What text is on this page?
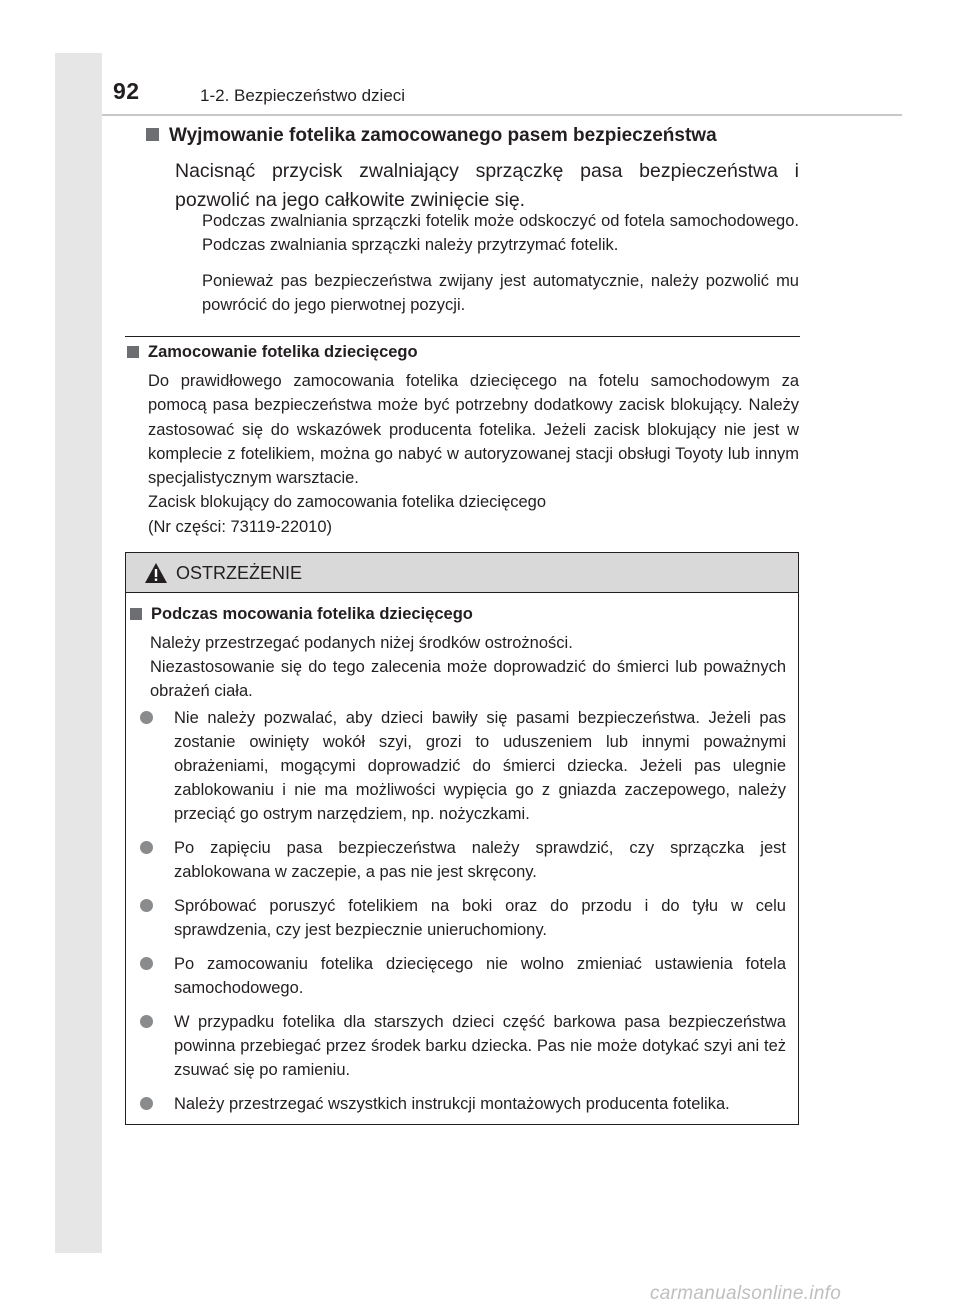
92	1-2. Bezpieczeństwo dzieci
Wyjmowanie fotelika zamocowanego pasem bezpieczeństwa
Nacisnąć przycisk zwalniający sprzączkę pasa bezpieczeństwa i pozwolić na jego całkowite zwinięcie się.
Podczas zwalniania sprzączki fotelik może odskoczyć od fotela samochodowego. Podczas zwalniania sprzączki należy przytrzymać fotelik.
Ponieważ pas bezpieczeństwa zwijany jest automatycznie, należy pozwolić mu powrócić do jego pierwotnej pozycji.
Zamocowanie fotelika dziecięcego
Do prawidłowego zamocowania fotelika dziecięcego na fotelu samochodowym za pomocą pasa bezpieczeństwa może być potrzebny dodatkowy zacisk blokujący. Należy zastosować się do wskazówek producenta fotelika. Jeżeli zacisk blokujący nie jest w komplecie z fotelikiem, można go nabyć w autoryzowanej stacji obsługi Toyoty lub innym specjalistycznym warsztacie.
Zacisk blokujący do zamocowania fotelika dziecięcego
(Nr części: 73119-22010)
OSTRZEŻENIE
Podczas mocowania fotelika dziecięcego
Należy przestrzegać podanych niżej środków ostrożności.
Niezastosowanie się do tego zalecenia może doprowadzić do śmierci lub poważnych obrażeń ciała.
Nie należy pozwalać, aby dzieci bawiły się pasami bezpieczeństwa. Jeżeli pas zostanie owinięty wokół szyi, grozi to uduszeniem lub innymi poważnymi obrażeniami, mogącymi doprowadzić do śmierci dziecka. Jeżeli pas ulegnie zablokowaniu i nie ma możliwości wypięcia go z gniazda zaczepowego, należy przeciąć go ostrym narzędziem, np. nożyczkami.
Po zapięciu pasa bezpieczeństwa należy sprawdzić, czy sprzączka jest zablokowana w zaczepie, a pas nie jest skręcony.
Spróbować poruszyć fotelikiem na boki oraz do przodu i do tyłu w celu sprawdzenia, czy jest bezpiecznie unieruchomiony.
Po zamocowaniu fotelika dziecięcego nie wolno zmieniać ustawienia fotela samochodowego.
W przypadku fotelika dla starszych dzieci część barkowa pasa bezpieczeństwa powinna przebiegać przez środek barku dziecka. Pas nie może dotykać szyi ani też zsuwać się po ramieniu.
Należy przestrzegać wszystkich instrukcji montażowych producenta fotelika.
carmanualsonline.info
